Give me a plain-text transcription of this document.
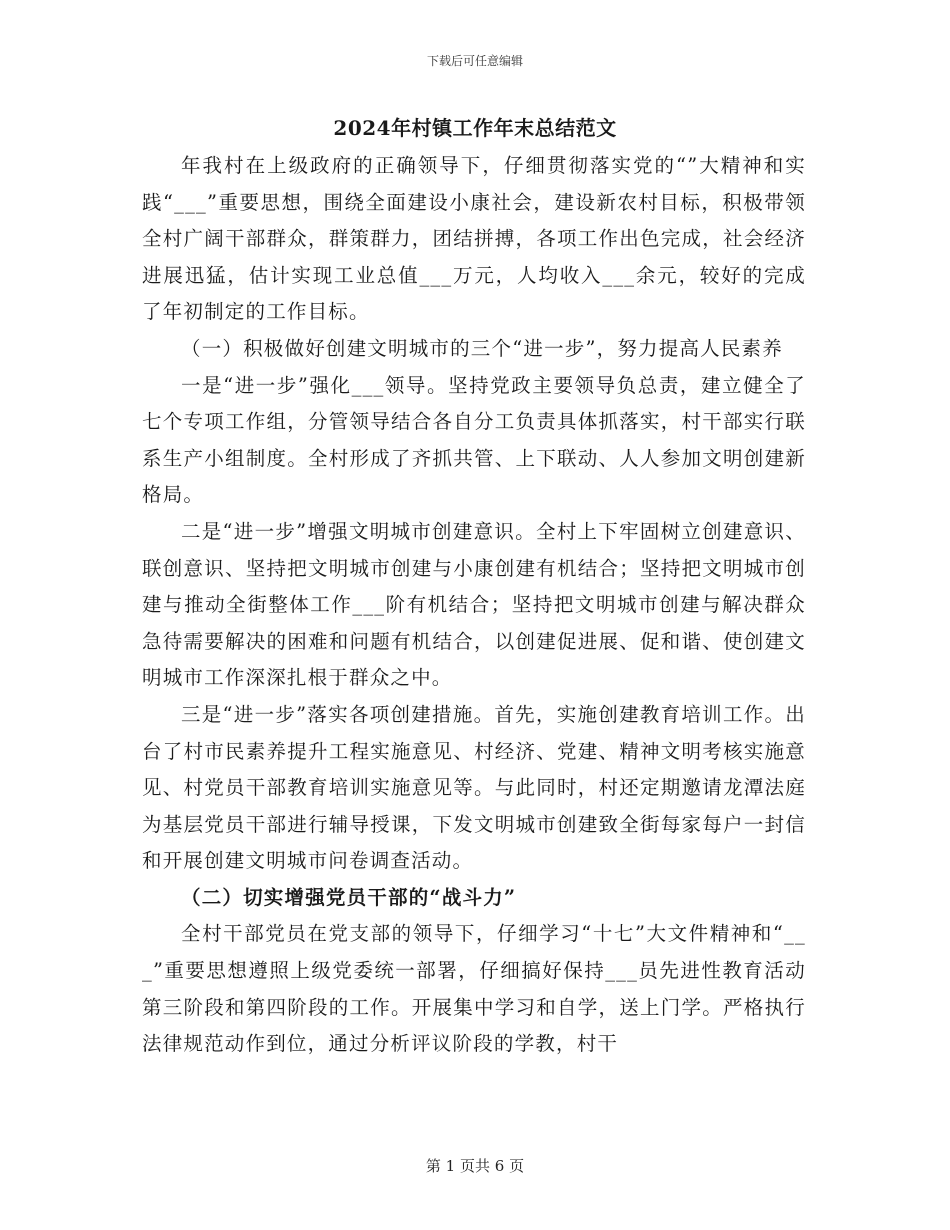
下载后可任意编辑
2024年村镇工作年末总结范文

年我村在上级政府的正确领导下，仔细贯彻落实党的“”大精神和实践“___”重要思想，围绕全面建设小康社会，建设新农村目标，积极带领全村广阔干部群众，群策群力，团结拼搏，各项工作出色完成，社会经济进展迅猛，估计实现工业总值___万元，人均收入___余元，较好的完成了年初制定的工作目标。

（一）积极做好创建文明城市的三个“进一步”，努力提高人民素养

一是“进一步”强化___领导。坚持党政主要领导负总责，建立健全了七个专项工作组，分管领导结合各自分工负责具体抓落实，村干部实行联系生产小组制度。全村形成了齐抓共管、上下联动、人人参加文明创建新格局。

二是“进一步”增强文明城市创建意识。全村上下牢固树立创建意识、联创意识、坚持把文明城市创建与小康创建有机结合；坚持把文明城市创建与推动全街整体工作___阶有机结合；坚持把文明城市创建与解决群众急待需要解决的困难和问题有机结合，以创建促进展、促和谐、使创建文明城市工作深深扎根于群众之中。

三是“进一步”落实各项创建措施。首先，实施创建教育培训工作。出台了村市民素养提升工程实施意见、村经济、党建、精神文明考核实施意见、村党员干部教育培训实施意见等。与此同时，村还定期邀请龙潭法庭为基层党员干部进行辅导授课，下发文明城市创建致全街每家每户一封信和开展创建文明城市问卷调查活动。

（二）切实增强党员干部的“战斗力”

全村干部党员在党支部的领导下，仔细学习“十七”大文件精神和“___”重要思想遵照上级党委统一部署，仔细搞好保持___员先进性教育活动第三阶段和第四阶段的工作。开展集中学习和自学，送上门学。严格执行法律规范动作到位，通过分析评议阶段的学教，村干

第 1 页共 6 页
